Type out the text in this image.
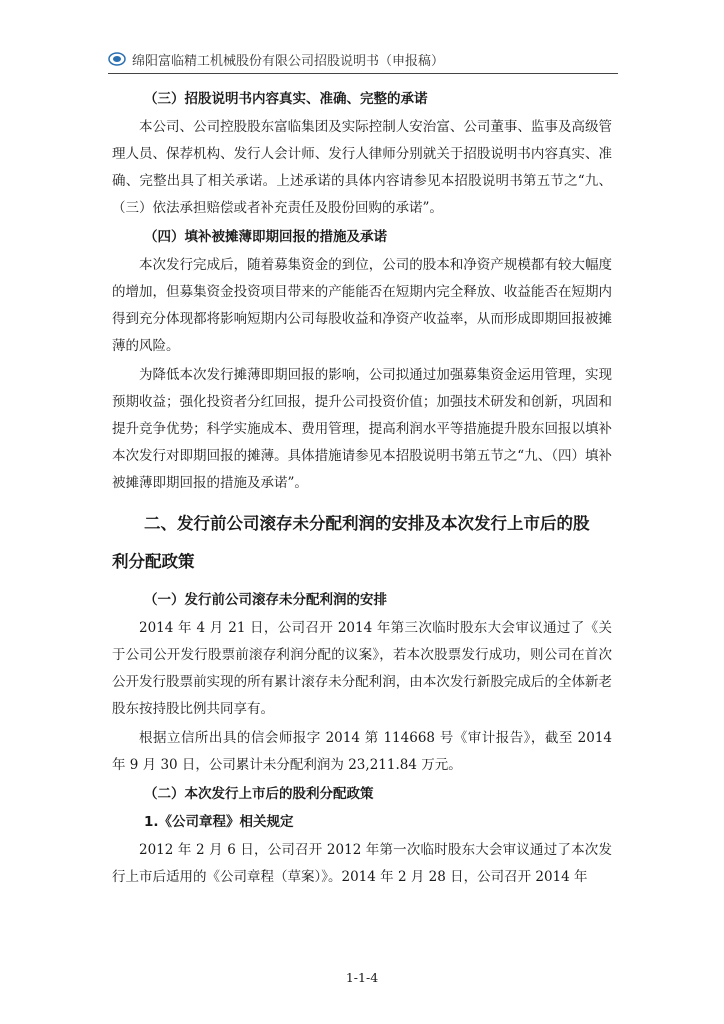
绵阳富临精工机械股份有限公司招股说明书（申报稿）
（三）招股说明书内容真实、准确、完整的承诺

本公司、公司控股股东富临集团及实际控制人安治富、公司董事、监事及高级管理人员、保荐机构、发行人会计师、发行人律师分别就关于招股说明书内容真实、准确、完整出具了相关承诺。上述承诺的具体内容请参见本招股说明书第五节之“九、（三）依法承担赔偿或者补充责任及股份回购的承诺”。

（四）填补被摊薄即期回报的措施及承诺

本次发行完成后，随着募集资金的到位，公司的股本和净资产规模都有较大幅度的增加，但募集资金投资项目带来的产能能否在短期内完全释放、收益能否在短期内得到充分体现都将影响短期内公司每股收益和净资产收益率，从而形成即期回报被摊薄的风险。

为降低本次发行摊薄即期回报的影响，公司拟通过加强募集资金运用管理，实现预期收益；强化投资者分红回报，提升公司投资价值；加强技术研发和创新，巩固和提升竞争优势；科学实施成本、费用管理，提高利润水平等措施提升股东回报以填补本次发行对即期回报的摊薄。具体措施请参见本招股说明书第五节之“九、（四）填补被摊薄即期回报的措施及承诺”。

二、发行前公司滚存未分配利润的安排及本次发行上市后的股
利分配政策
（一）发行前公司滚存未分配利润的安排

2014 年 4 月 21 日，公司召开 2014 年第三次临时股东大会审议通过了《关于公司公开发行股票前滚存利润分配的议案》，若本次股票发行成功，则公司在首次公开发行股票前实现的所有累计滚存未分配利润，由本次发行新股完成后的全体新老股东按持股比例共同享有。

根据立信所出具的信会师报字 2014 第 114668 号《审计报告》，截至 2014 年 9 月 30 日，公司累计未分配利润为 23,211.84 万元。

（二）本次发行上市后的股利分配政策
1.《公司章程》相关规定

2012 年 2 月 6 日，公司召开 2012 年第一次临时股东大会审议通过了本次发行上市后适用的《公司章程（草案）》。2014 年 2 月 28 日，公司召开 2014 年

1-1-4
